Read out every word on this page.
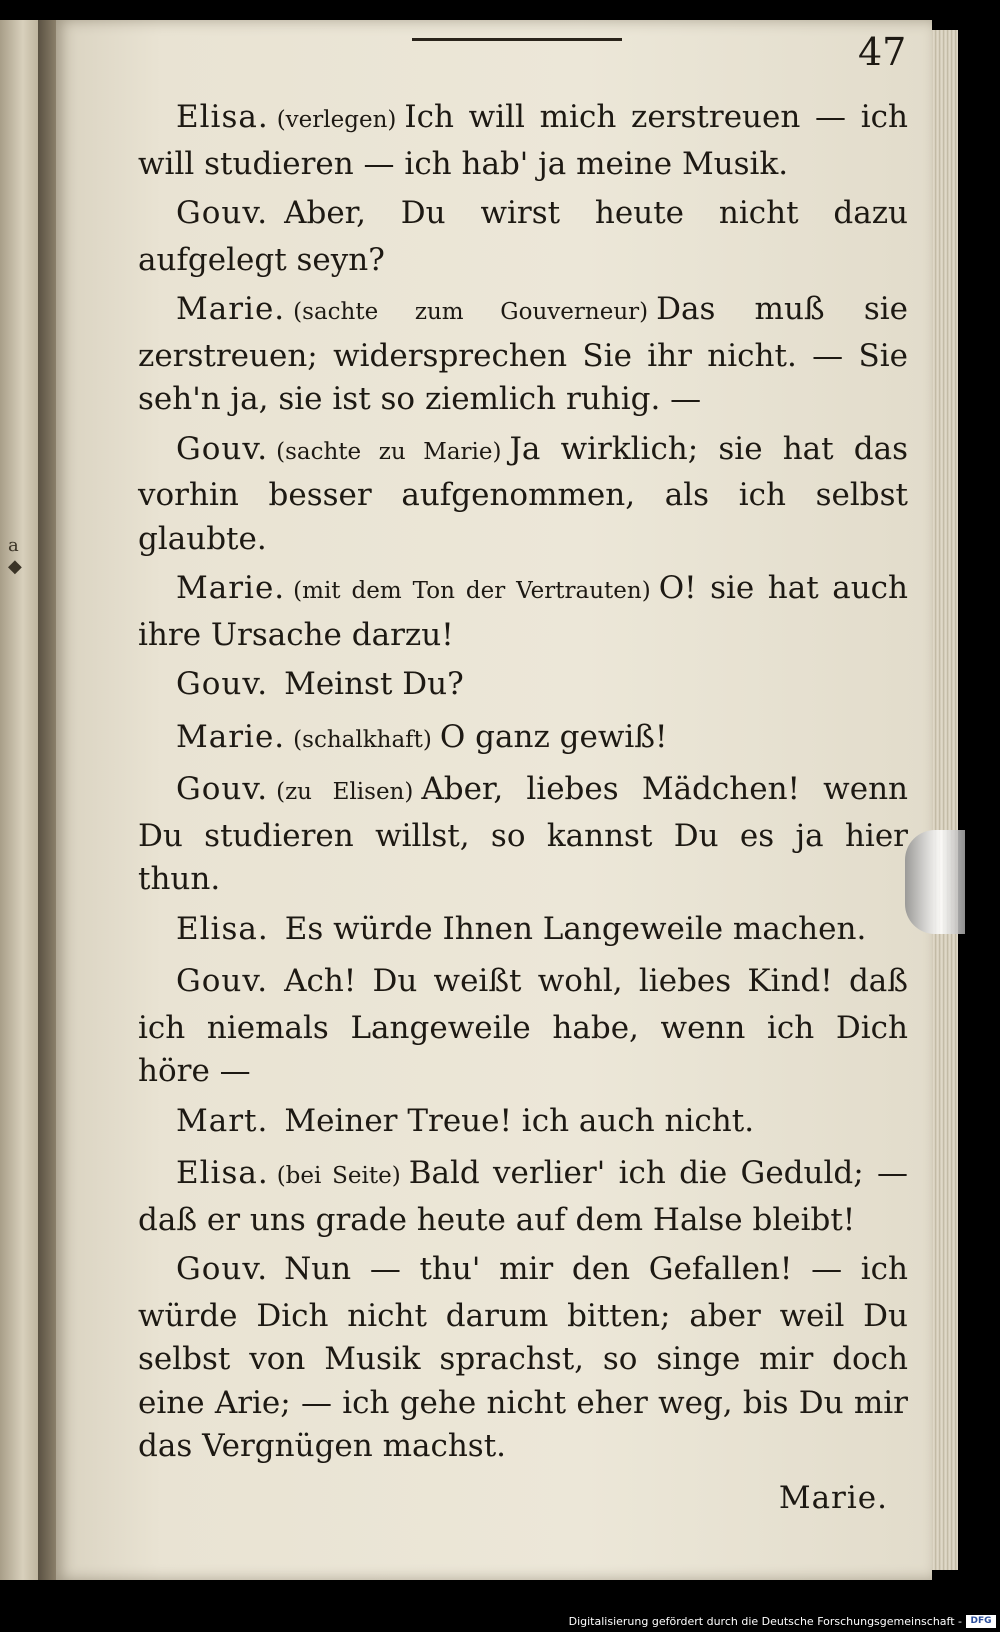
a ◆
47

Elisa. (verlegen) Ich will mich zerstreuen — ich will studieren — ich hab' ja meine Musik.

Gouv. Aber, Du wirst heute nicht dazu aufgelegt seyn?

Marie. (sachte zum Gouverneur) Das muß sie zerstreuen; widersprechen Sie ihr nicht. — Sie seh'n ja, sie ist so ziemlich ruhig. —

Gouv. (sachte zu Marie) Ja wirklich; sie hat das vorhin besser aufgenommen, als ich selbst glaubte.

Marie. (mit dem Ton der Vertrauten) O! sie hat auch ihre Ursache darzu!

Gouv. Meinst Du?

Marie. (schalkhaft) O ganz gewiß!

Gouv. (zu Elisen) Aber, liebes Mädchen! wenn Du studieren willst, so kannst Du es ja hier thun.

Elisa. Es würde Ihnen Langeweile machen.

Gouv. Ach! Du weißt wohl, liebes Kind! daß ich niemals Langeweile habe, wenn ich Dich höre —

Mart. Meiner Treue! ich auch nicht.

Elisa. (bei Seite) Bald verlier' ich die Geduld; — daß er uns grade heute auf dem Halse bleibt!

Gouv. Nun — thu' mir den Gefallen! — ich würde Dich nicht darum bitten; aber weil Du selbst von Musik sprachst, so singe mir doch eine Arie; — ich gehe nicht eher weg, bis Du mir das Vergnügen machst.

Marie.
Digitalisierung gefördert durch die Deutsche Forschungsgemeinschaft - DFG
